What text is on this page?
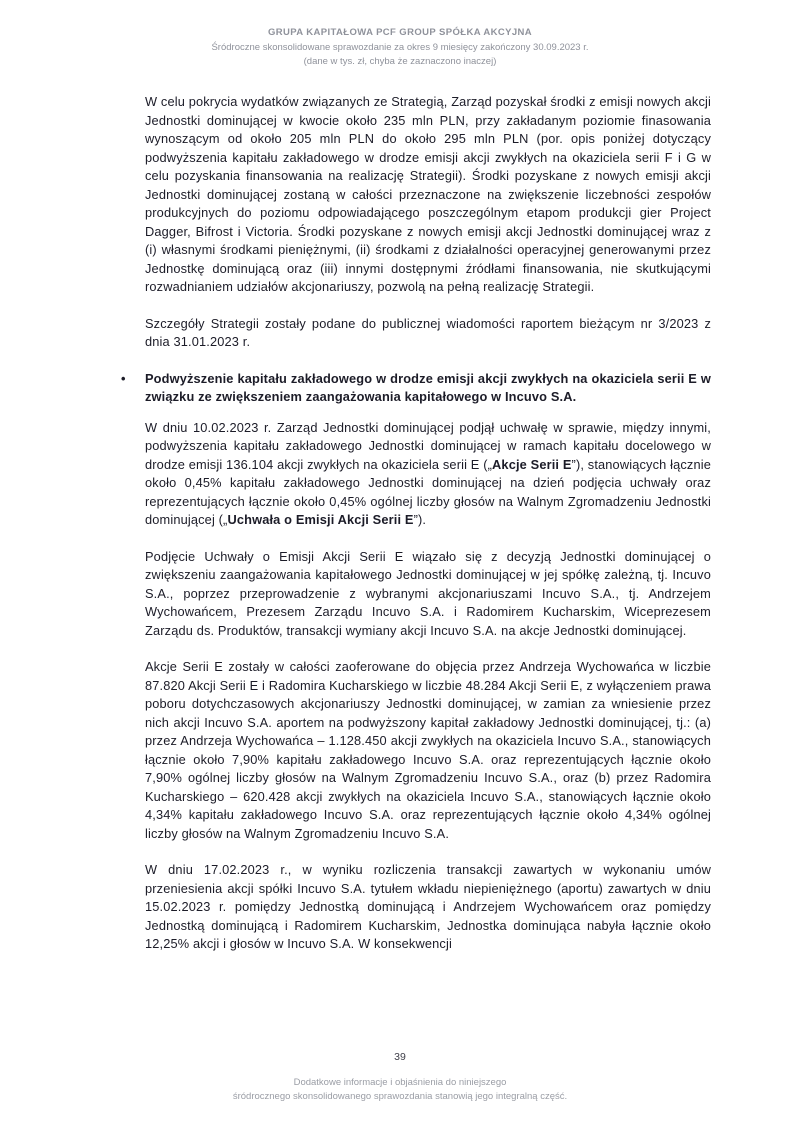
GRUPA KAPITAŁOWA PCF GROUP SPÓŁKA AKCYJNA
Śródroczne skonsolidowane sprawozdanie za okres 9 miesięcy zakończony 30.09.2023 r.
(dane w tys. zł, chyba że zaznaczono inaczej)

W celu pokrycia wydatków związanych ze Strategią, Zarząd pozyskał środki z emisji nowych akcji Jednostki dominującej w kwocie około 235 mln PLN, przy zakładanym poziomie finasowania wynoszącym od około 205 mln PLN do około 295 mln PLN (por. opis poniżej dotyczący podwyższenia kapitału zakładowego w drodze emisji akcji zwykłych na okaziciela serii F i G w celu pozyskania finansowania na realizację Strategii). Środki pozyskane z nowych emisji akcji Jednostki dominującej zostaną w całości przeznaczone na zwiększenie liczebności zespołów produkcyjnych do poziomu odpowiadającego poszczególnym etapom produkcji gier Project Dagger, Bifrost i Victoria. Środki pozyskane z nowych emisji akcji Jednostki dominującej wraz z (i) własnymi środkami pieniężnymi, (ii) środkami z działalności operacyjnej generowanymi przez Jednostkę dominującą oraz (iii) innymi dostępnymi źródłami finansowania, nie skutkującymi rozwadnianiem udziałów akcjonariuszy, pozwolą na pełną realizację Strategii.

Szczegóły Strategii zostały podane do publicznej wiadomości raportem bieżącym nr 3/2023 z dnia 31.01.2023 r.

•	Podwyższenie kapitału zakładowego w drodze emisji akcji zwykłych na okaziciela serii E w związku ze zwiększeniem zaangażowania kapitałowego w Incuvo S.A.

W dniu 10.02.2023 r. Zarząd Jednostki dominującej podjął uchwałę w sprawie, między innymi, podwyższenia kapitału zakładowego Jednostki dominującej w ramach kapitału docelowego w drodze emisji 136.104 akcji zwykłych na okaziciela serii E („Akcje Serii E”), stanowiących łącznie około 0,45% kapitału zakładowego Jednostki dominującej na dzień podjęcia uchwały oraz reprezentujących łącznie około 0,45% ogólnej liczby głosów na Walnym Zgromadzeniu Jednostki dominującej („Uchwała o Emisji Akcji Serii E”).

Podjęcie Uchwały o Emisji Akcji Serii E wiązało się z decyzją Jednostki dominującej o zwiększeniu zaangażowania kapitałowego Jednostki dominującej w jej spółkę zależną, tj. Incuvo S.A., poprzez przeprowadzenie z wybranymi akcjonariuszami Incuvo S.A., tj. Andrzejem Wychowańcem, Prezesem Zarządu Incuvo S.A. i Radomirem Kucharskim, Wiceprezesem Zarządu ds. Produktów, transakcji wymiany akcji Incuvo S.A. na akcje Jednostki dominującej.

Akcje Serii E zostały w całości zaoferowane do objęcia przez Andrzeja Wychowańca w liczbie 87.820 Akcji Serii E i Radomira Kucharskiego w liczbie 48.284 Akcji Serii E, z wyłączeniem prawa poboru dotychczasowych akcjonariuszy Jednostki dominującej, w zamian za wniesienie przez nich akcji Incuvo S.A. aportem na podwyższony kapitał zakładowy Jednostki dominującej, tj.: (a) przez Andrzeja Wychowańca – 1.128.450 akcji zwykłych na okaziciela Incuvo S.A., stanowiących łącznie około 7,90% kapitału zakładowego Incuvo S.A. oraz reprezentujących łącznie około 7,90% ogólnej liczby głosów na Walnym Zgromadzeniu Incuvo S.A., oraz (b) przez Radomira Kucharskiego – 620.428 akcji zwykłych na okaziciela Incuvo S.A., stanowiących łącznie około 4,34% kapitału zakładowego Incuvo S.A. oraz reprezentujących łącznie około 4,34% ogólnej liczby głosów na Walnym Zgromadzeniu Incuvo S.A.

W dniu 17.02.2023 r., w wyniku rozliczenia transakcji zawartych w wykonaniu umów przeniesienia akcji spółki Incuvo S.A. tytułem wkładu niepieniężnego (aportu) zawartych w dniu 15.02.2023 r. pomiędzy Jednostką dominującą i Andrzejem Wychowańcem oraz pomiędzy Jednostką dominującą i Radomirem Kucharskim, Jednostka dominująca nabyła łącznie około 12,25% akcji i głosów w Incuvo S.A. W konsekwencji

39
Dodatkowe informacje i objaśnienia do niniejszego
śródrocznego skonsolidowanego sprawozdania stanowią jego integralną część.
